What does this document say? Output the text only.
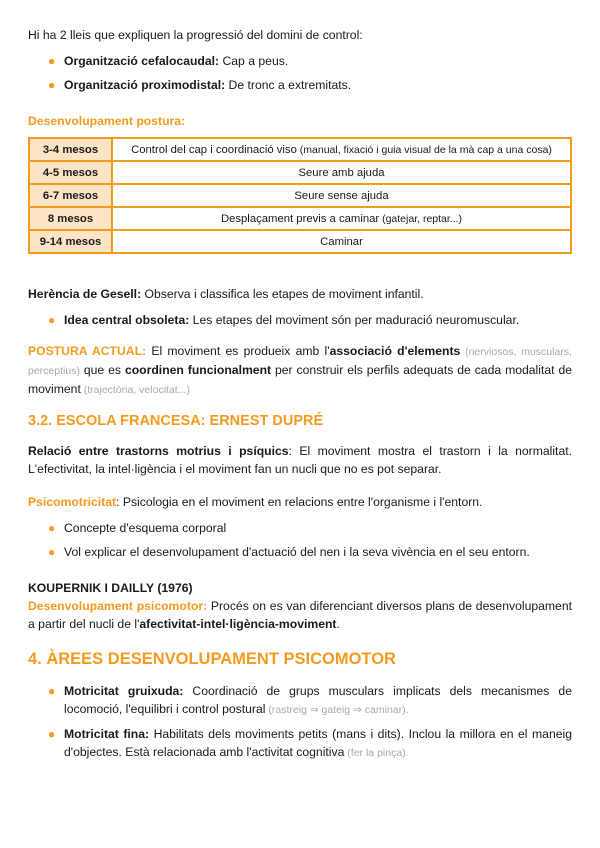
Hi ha 2 lleis que expliquen la progressió del domini de control:

● Organització cefalocaudal: Cap a peus.
● Organització proximodistal: De tronc a extremitats.

Desenvolupament postura:

3-4 mesos	Control del cap i coordinació viso (manual, fixació i guia visual de la mà cap a una cosa)
4-5 mesos	Seure amb ajuda
6-7 mesos	Seure sense ajuda
8 mesos	Desplaçament previs a caminar (gatejar, reptar...)
9-14 mesos	Caminar

Herència de Gesell: Observa i classifica les etapes de moviment infantil.

● Idea central obsoleta: Les etapes del moviment són per maduració neuromuscular.

POSTURA ACTUAL: El moviment es produeix amb l'associació d'elements (nerviosos, musculars, perceptius) que es coordinen funcionalment per construir els perfils adequats de cada modalitat de moviment (trajectòria, velocitat...)

3.2. ESCOLA FRANCESA: ERNEST DUPRÉ

Relació entre trastorns motrius i psíquics: El moviment mostra el trastorn i la normalitat. L'efectivitat, la intel·ligència i el moviment fan un nucli que no es pot separar.

Psicomotricitat: Psicologia en el moviment en relacions entre l'organisme i l'entorn.

● Concepte d'esquema corporal
● Vol explicar el desenvolupament d'actuació del nen i la seva vivència en el seu entorn.

KOUPERNIK I DAILLY (1976)

Desenvolupament psicomotor: Procés on es van diferenciant diversos plans de desenvolupament a partir del nucli de l'afectivitat-intel·ligència-moviment.

4. ÀREES DESENVOLUPAMENT PSICOMOTOR
● Motricitat gruixuda: Coordinació de grups musculars implicats dels mecanismes de locomoció, l'equilibri i control postural (rastreig ⇒ gateig ⇒ caminar).
● Motricitat fina: Habilitats dels moviments petits (mans i dits). Inclou la millora en el maneig d'objectes. Està relacionada amb l'activitat cognitiva (fer la pinça).
